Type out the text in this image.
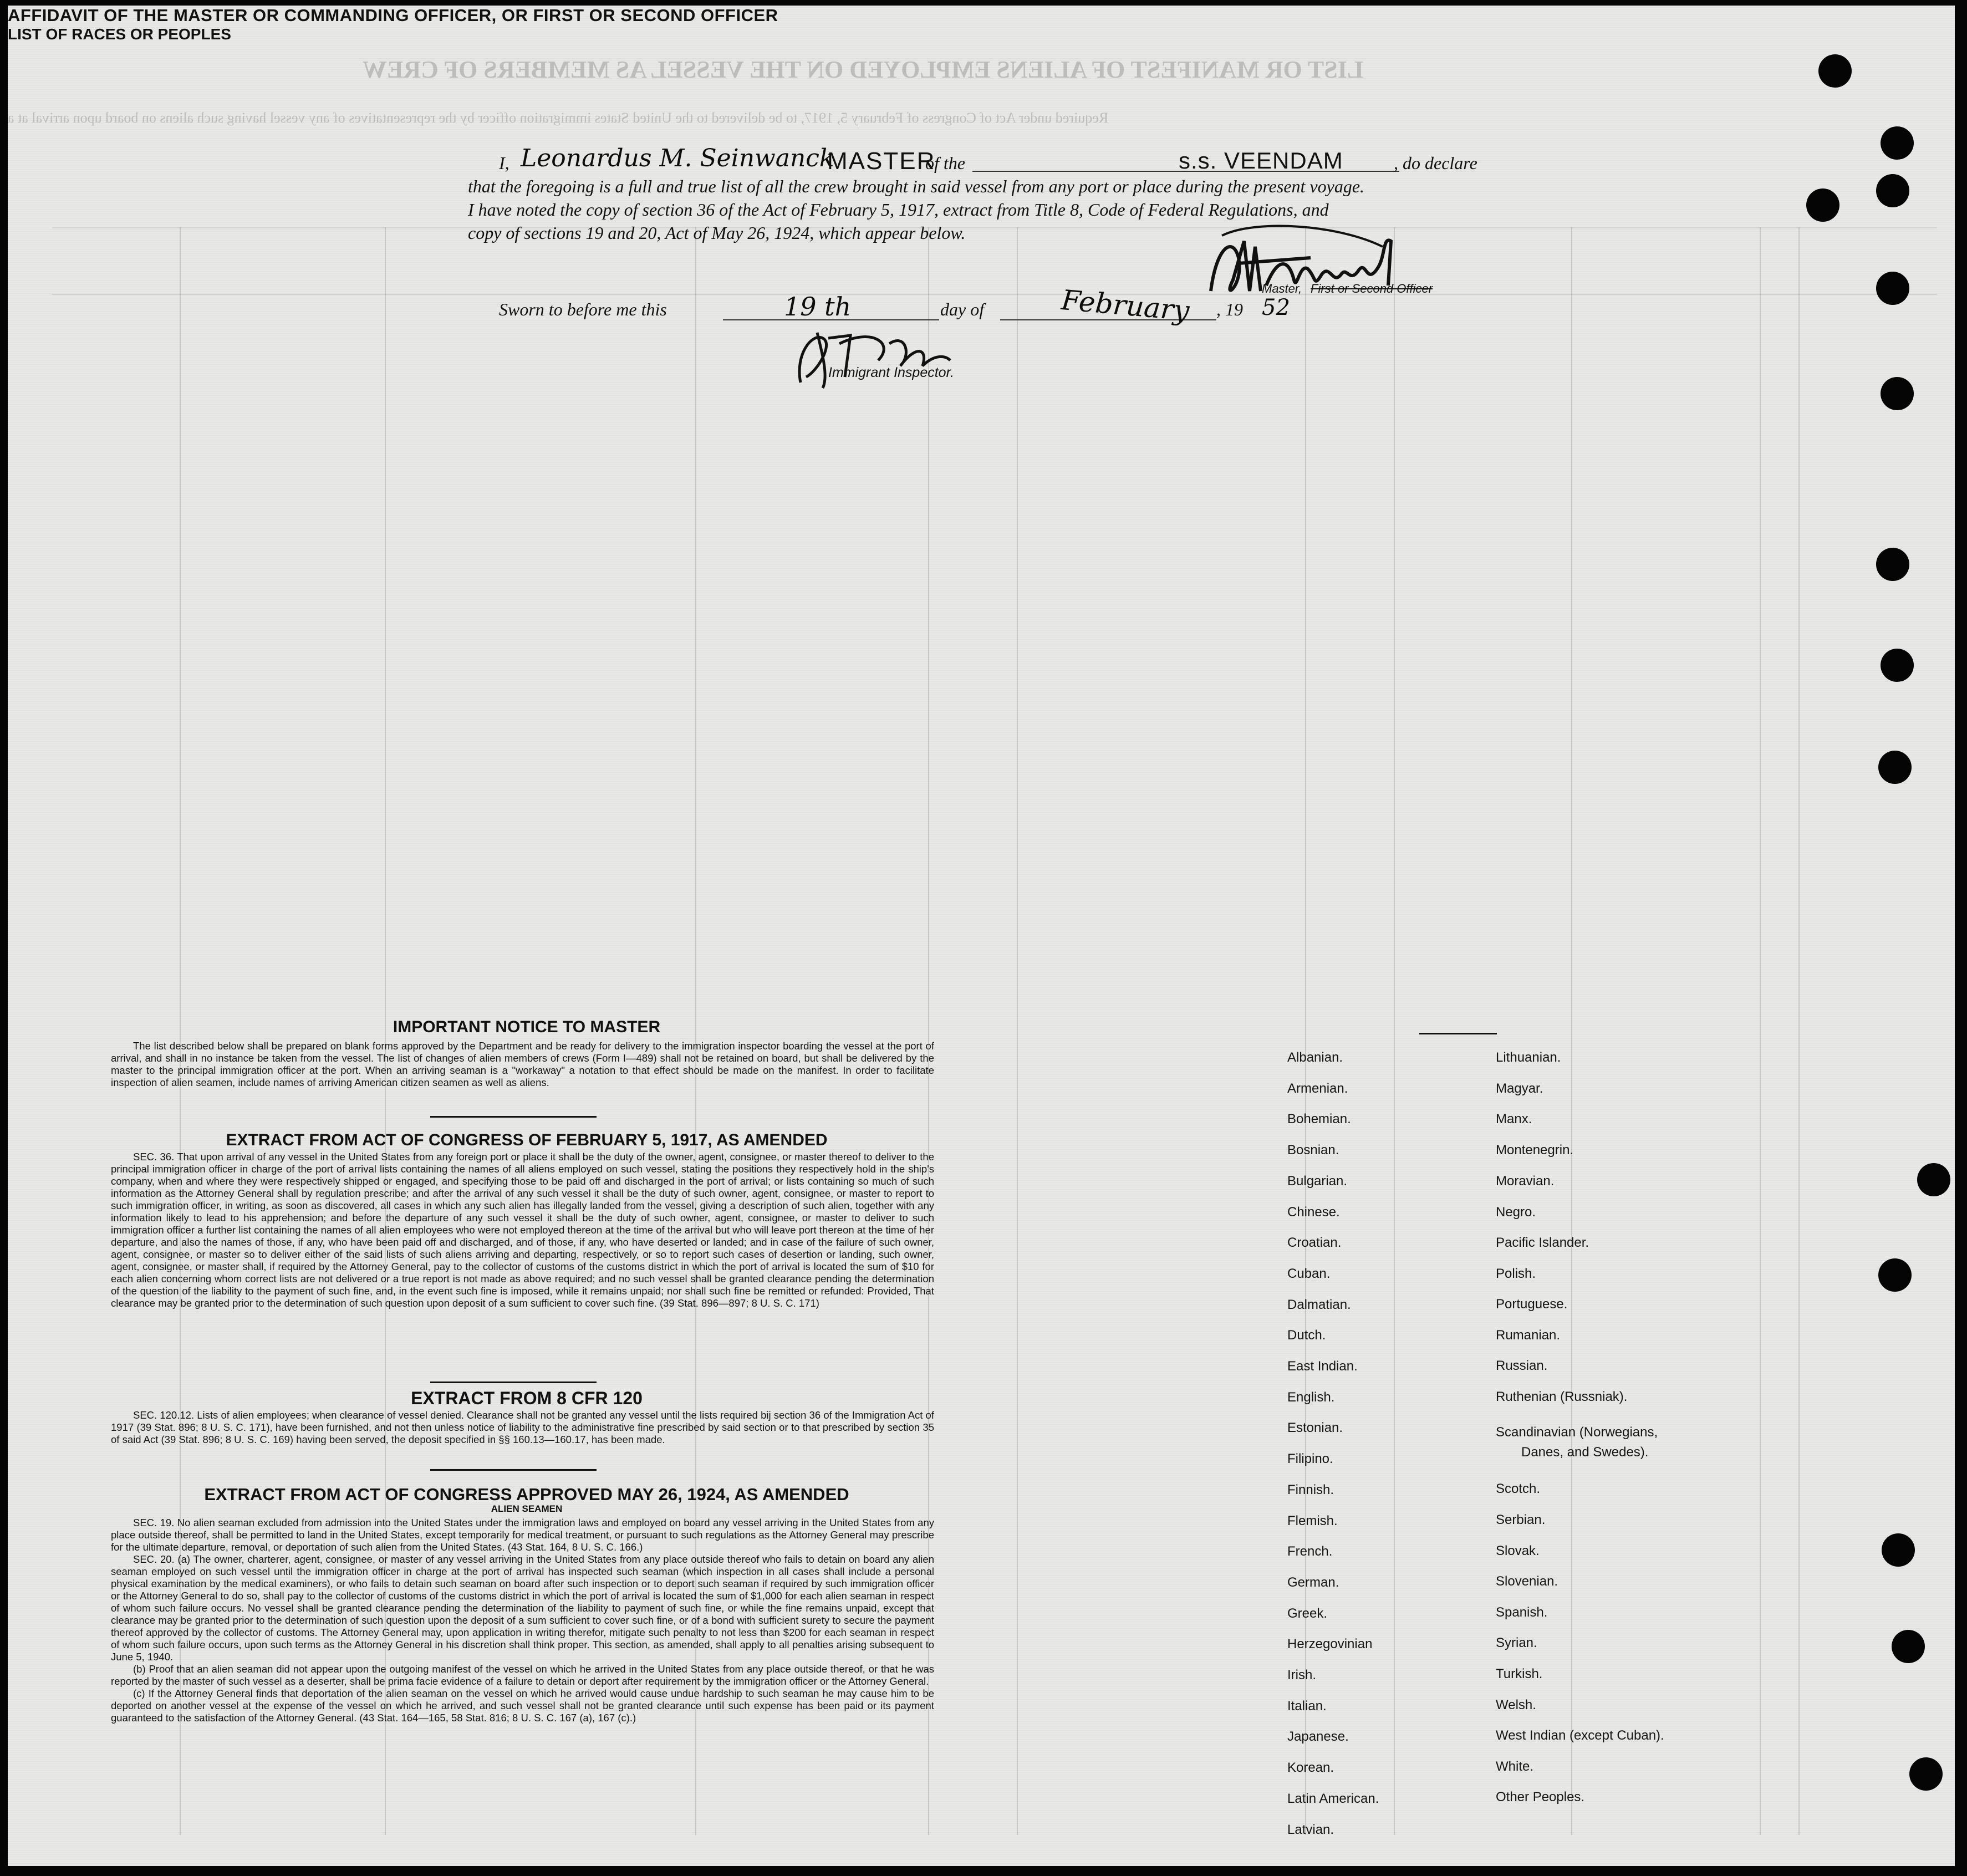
LIST OR MANIFEST OF ALIENS EMPLOYED ON THE VESSEL AS MEMBERS OF CREW
Required under Act of Congress of February 5, 1917, to be delivered to the United States immigration officer by the representatives of any vessel having such aliens on board upon arrival at a
AFFIDAVIT OF THE MASTER OR COMMANDING OFFICER, OR FIRST OR SECOND OFFICER
I, Leonardus M. Seinwanck
MASTER
of the	s.s. VEENDAM	, do declare
that the foregoing is a full and true list of all the crew brought in said vessel from any port or place during the present voyage.
I have noted the copy of section 36 of the Act of February 5, 1917, extract from Title 8, Code of Federal Regulations, and
copy of sections 19 and 20, Act of May 26, 1924, which appear below.
Sworn to before me this	19 th	day of	February , 19 52
Master, First or Second Officer
Immigrant Inspector.
IMPORTANT NOTICE TO MASTER

The list described below shall be prepared on blank forms approved by the Department and be ready for delivery to the immigration inspector boarding the vessel at the port of arrival, and shall in no instance be taken from the vessel. The list of changes of alien members of crews (Form I—489) shall not be retained on board, but shall be delivered by the master to the principal immigration officer at the port. When an arriving seaman is a "workaway" a notation to that effect should be made on the manifest. In order to facilitate inspection of alien seamen, include names of arriving American citizen seamen as well as aliens.

EXTRACT FROM ACT OF CONGRESS OF FEBRUARY 5, 1917, AS AMENDED

SEC. 36. That upon arrival of any vessel in the United States from any foreign port or place it shall be the duty of the owner, agent, consignee, or master thereof to deliver to the principal immigration officer in charge of the port of arrival lists containing the names of all aliens employed on such vessel, stating the positions they respectively hold in the ship's company, when and where they were respectively shipped or engaged, and specifying those to be paid off and discharged in the port of arrival; or lists containing so much of such information as the Attorney General shall by regulation prescribe; and after the arrival of any such vessel it shall be the duty of such owner, agent, consignee, or master to report to such immigration officer, in writing, as soon as discovered, all cases in which any such alien has illegally landed from the vessel, giving a description of such alien, together with any information likely to lead to his apprehension; and before the departure of any such vessel it shall be the duty of such owner, agent, consignee, or master to deliver to such immigration officer a further list containing the names of all alien employees who were not employed thereon at the time of the arrival but who will leave port thereon at the time of her departure, and also the names of those, if any, who have been paid off and discharged, and of those, if any, who have deserted or landed; and in case of the failure of such owner, agent, consignee, or master so to deliver either of the said lists of such aliens arriving and departing, respectively, or so to report such cases of desertion or landing, such owner, agent, consignee, or master shall, if required by the Attorney General, pay to the collector of customs of the customs district in which the port of arrival is located the sum of $10 for each alien concerning whom correct lists are not delivered or a true report is not made as above required; and no such vessel shall be granted clearance pending the determination of the question of the liability to the payment of such fine, and, in the event such fine is imposed, while it remains unpaid; nor shall such fine be remitted or refunded: Provided, That clearance may be granted prior to the determination of such question upon deposit of a sum sufficient to cover such fine. (39 Stat. 896—897; 8 U. S. C. 171)

EXTRACT FROM 8 CFR 120

SEC. 120.12. Lists of alien employees; when clearance of vessel denied. Clearance shall not be granted any vessel until the lists required bij section 36 of the Immigration Act of 1917 (39 Stat. 896; 8 U. S. C. 171), have been furnished, and not then unless notice of liability to the administrative fine prescribed by said section or to that prescribed by section 35 of said Act (39 Stat. 896; 8 U. S. C. 169) having been served, the deposit specified in §§ 160.13—160.17, has been made.

EXTRACT FROM ACT OF CONGRESS APPROVED MAY 26, 1924, AS AMENDED
ALIEN SEAMEN

SEC. 19. No alien seaman excluded from admission into the United States under the immigration laws and employed on board any vessel arriving in the United States from any place outside thereof, shall be permitted to land in the United States, except temporarily for medical treatment, or pursuant to such regulations as the Attorney General may prescribe for the ultimate departure, removal, or deportation of such alien from the United States. (43 Stat. 164, 8 U. S. C. 166.)

SEC. 20. (a) The owner, charterer, agent, consignee, or master of any vessel arriving in the United States from any place outside thereof who fails to detain on board any alien seaman employed on such vessel until the immigration officer in charge at the port of arrival has inspected such seaman (which inspection in all cases shall include a personal physical examination by the medical examiners), or who fails to detain such seaman on board after such inspection or to deport such seaman if required by such immigration officer or the Attorney General to do so, shall pay to the collector of customs of the customs district in which the port of arrival is located the sum of $1,000 for each alien seaman in respect of whom such failure occurs. No vessel shall be granted clearance pending the determination of the liability to payment of such fine, or while the fine remains unpaid, except that clearance may be granted prior to the determination of such question upon the deposit of a sum sufficient to cover such fine, or of a bond with sufficient surety to secure the payment thereof approved by the collector of customs. The Attorney General may, upon application in writing therefor, mitigate such penalty to not less than $200 for each seaman in respect of whom such failure occurs, upon such terms as the Attorney General in his discretion shall think proper. This section, as amended, shall apply to all penalties arising subsequent to June 5, 1940.

(b) Proof that an alien seaman did not appear upon the outgoing manifest of the vessel on which he arrived in the United States from any place outside thereof, or that he was reported by the master of such vessel as a deserter, shall be prima facie evidence of a failure to detain or deport after requirement by the immigration officer or the Attorney General.

(c) If the Attorney General finds that deportation of the alien seaman on the vessel on which he arrived would cause undue hardship to such seaman he may cause him to be deported on another vessel at the expense of the vessel on which he arrived, and such vessel shall not be granted clearance until such expense has been paid or its payment guaranteed to the satisfaction of the Attorney General. (43 Stat. 164—165, 58 Stat. 816; 8 U. S. C. 167 (a), 167 (c).)

LIST OF RACES OR PEOPLES
Albanian.
Armenian.
Bohemian.
Bosnian.
Bulgarian.
Chinese.
Croatian.
Cuban.
Dalmatian.
Dutch.
East Indian.
English.
Estonian.
Filipino.
Finnish.
Flemish.
French.
German.
Greek.
Herzegovinian
Irish.
Italian.
Japanese.
Korean.
Latin American.
Latvian.
Lithuanian.
Magyar.
Manx.
Montenegrin.
Moravian.
Negro.
Pacific Islander.
Polish.
Portuguese.
Rumanian.
Russian.
Ruthenian (Russniak).
Scandinavian (Norwegians,
Danes, and Swedes).
Scotch.
Serbian.
Slovak.
Slovenian.
Spanish.
Syrian.
Turkish.
Welsh.
West Indian (except Cuban).
White.
Other Peoples.
